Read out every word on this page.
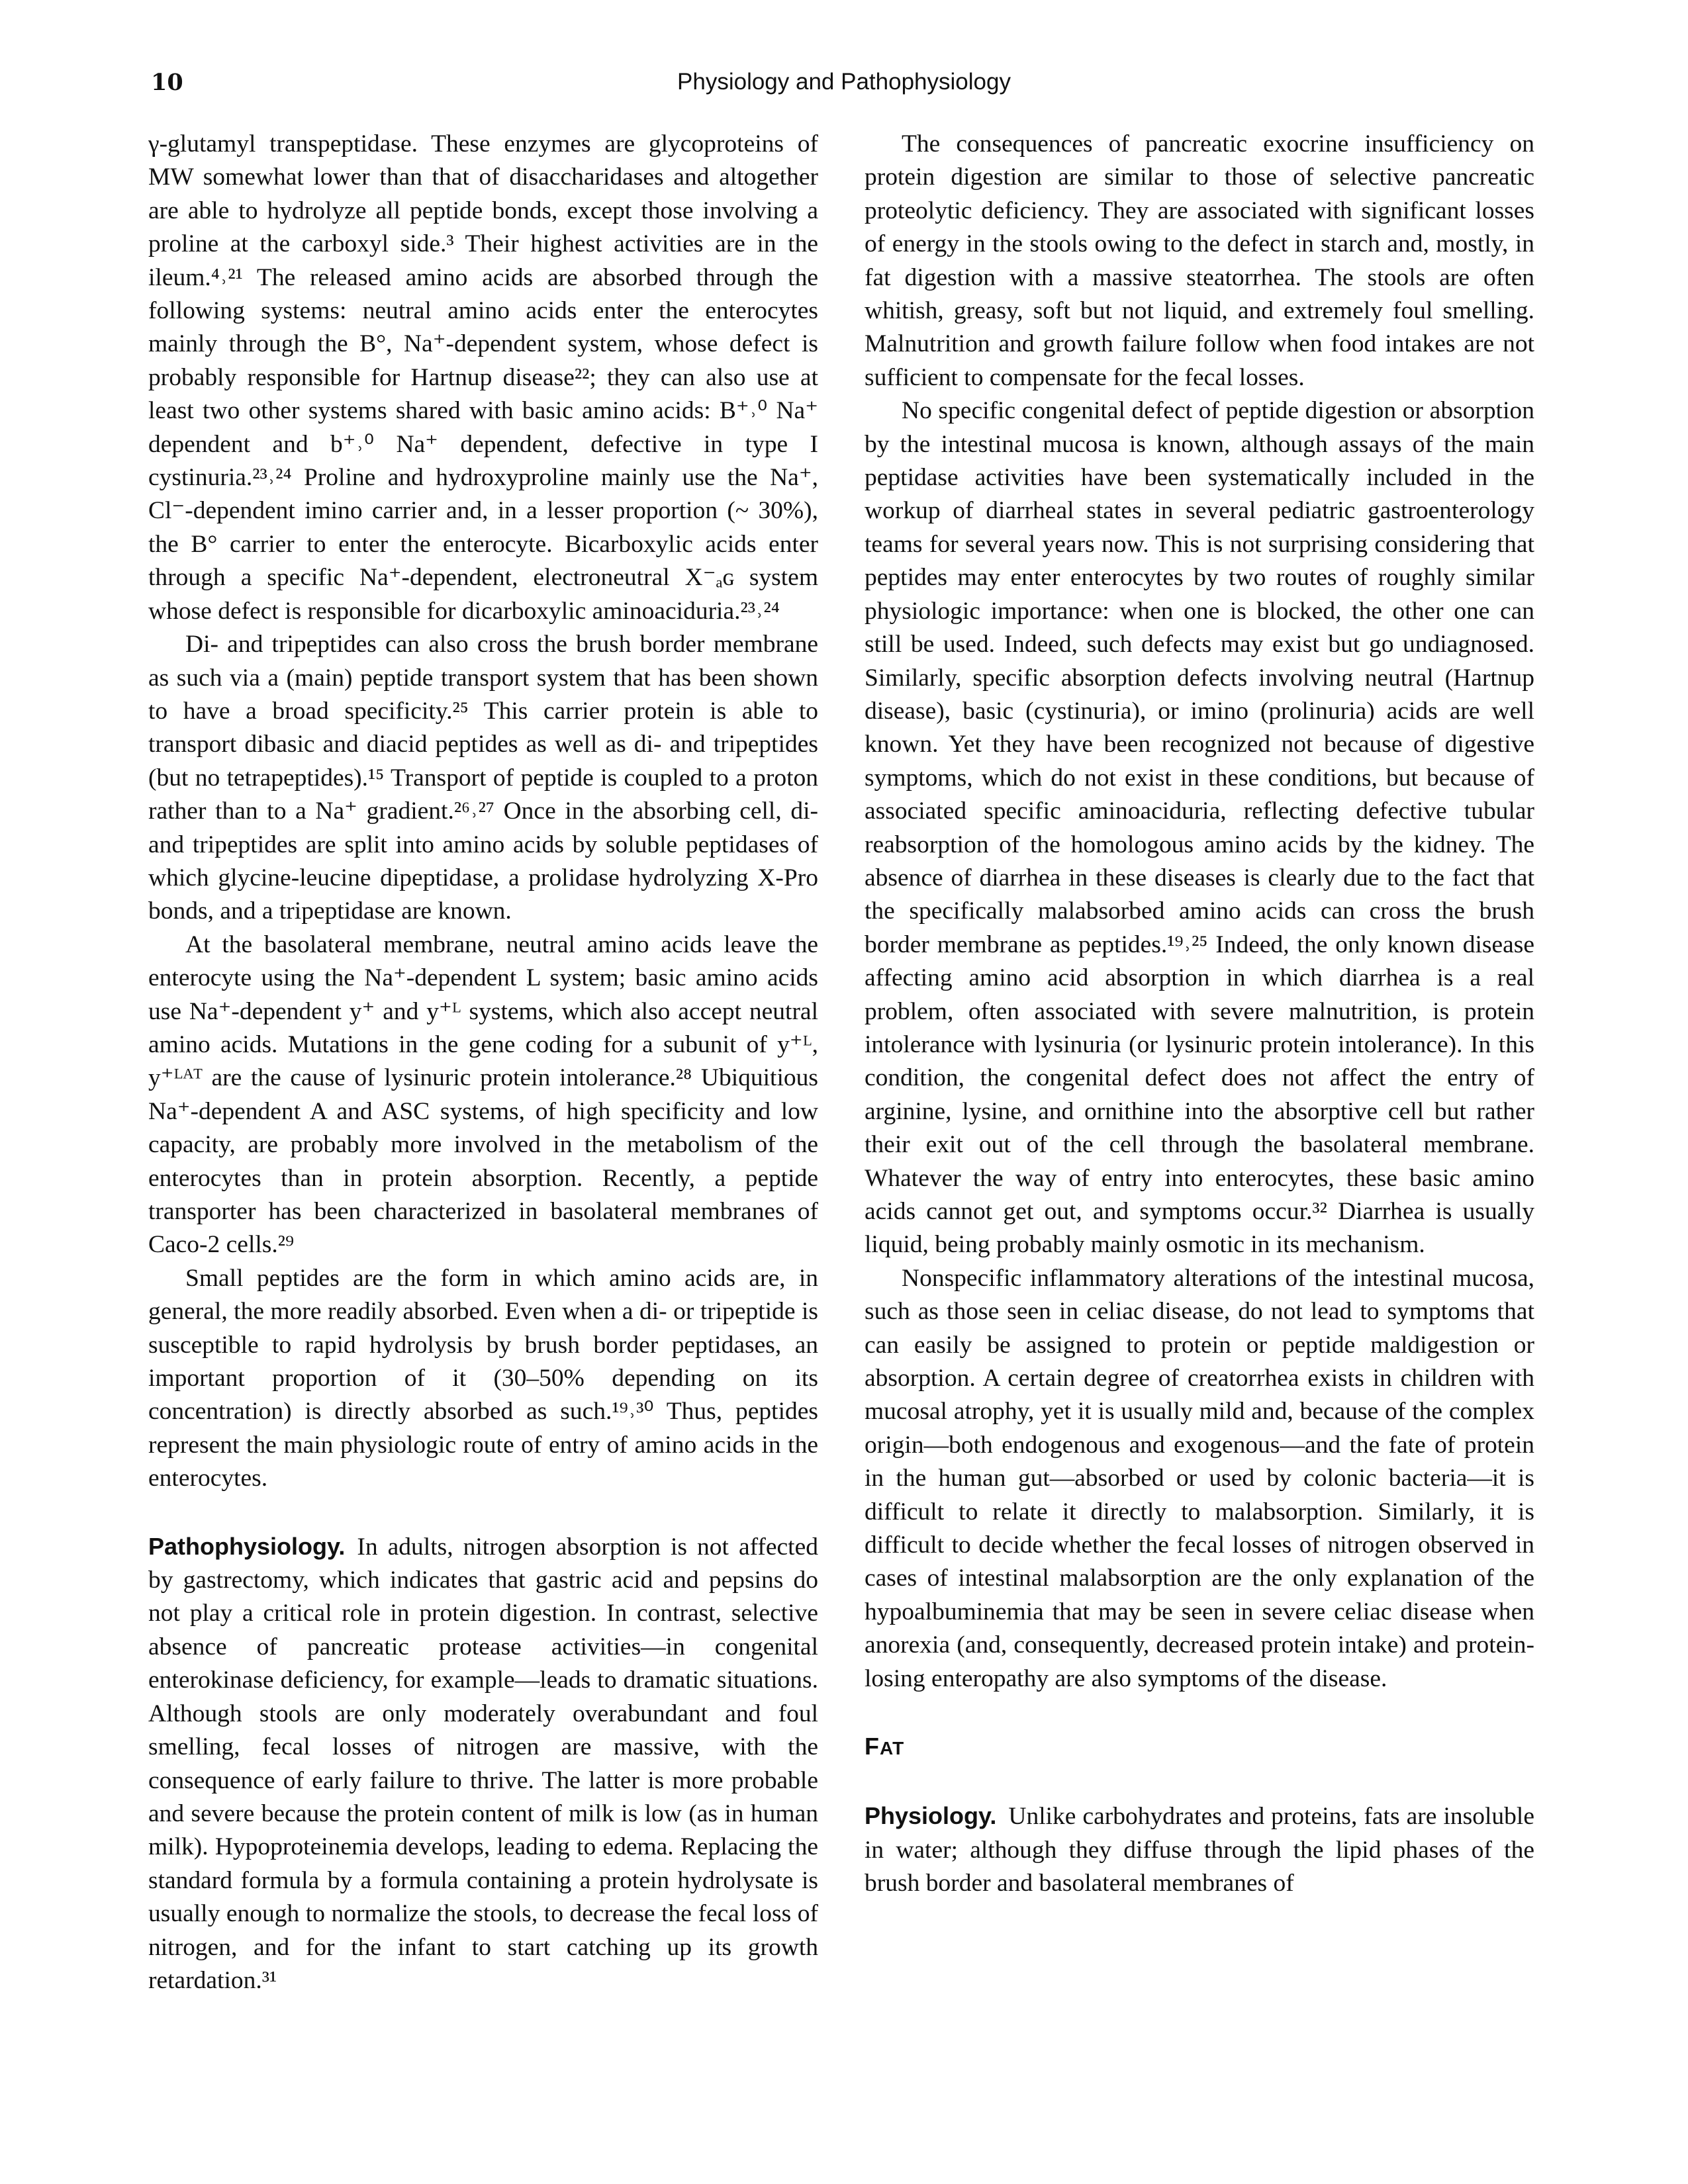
10	Physiology and Pathophysiology

γ-glutamyl transpeptidase. These enzymes are glycoproteins of MW somewhat lower than that of disaccharidases and altogether are able to hydrolyze all peptide bonds, except those involving a proline at the carboxyl side.³ Their highest activities are in the ileum.⁴˒²¹ The released amino acids are absorbed through the following systems: neutral amino acids enter the enterocytes mainly through the B°, Na⁺-dependent system, whose defect is probably responsible for Hartnup disease²²; they can also use at least two other systems shared with basic amino acids: B⁺˒⁰ Na⁺ dependent and b⁺˒⁰ Na⁺ dependent, defective in type I cystinuria.²³˒²⁴ Proline and hydroxyproline mainly use the Na⁺, Cl⁻-dependent imino carrier and, in a lesser proportion (~ 30%), the B° carrier to enter the enterocyte. Bicarboxylic acids enter through a specific Na⁺-dependent, electroneutral X⁻ₐɢ system whose defect is responsible for dicarboxylic aminoaciduria.²³˒²⁴

Di- and tripeptides can also cross the brush border membrane as such via a (main) peptide transport system that has been shown to have a broad specificity.²⁵ This carrier protein is able to transport dibasic and diacid peptides as well as di- and tripeptides (but no tetrapeptides).¹⁵ Transport of peptide is coupled to a proton rather than to a Na⁺ gradient.²⁶˒²⁷ Once in the absorbing cell, di- and tripeptides are split into amino acids by soluble peptidases of which glycine-leucine dipeptidase, a prolidase hydrolyzing X-Pro bonds, and a tripeptidase are known.

At the basolateral membrane, neutral amino acids leave the enterocyte using the Na⁺-dependent L system; basic amino acids use Na⁺-dependent y⁺ and y⁺ᴸ systems, which also accept neutral amino acids. Mutations in the gene coding for a subunit of y⁺ᴸ, y⁺ᴸᴬᵀ are the cause of lysinuric protein intolerance.²⁸ Ubiquitious Na⁺-dependent A and ASC systems, of high specificity and low capacity, are probably more involved in the metabolism of the enterocytes than in protein absorption. Recently, a peptide transporter has been characterized in basolateral membranes of Caco-2 cells.²⁹

Small peptides are the form in which amino acids are, in general, the more readily absorbed. Even when a di- or tripeptide is susceptible to rapid hydrolysis by brush border peptidases, an important proportion of it (30–50% depending on its concentration) is directly absorbed as such.¹⁹˒³⁰ Thus, peptides represent the main physiologic route of entry of amino acids in the enterocytes.

Pathophysiology. In adults, nitrogen absorption is not affected by gastrectomy, which indicates that gastric acid and pepsins do not play a critical role in protein digestion. In contrast, selective absence of pancreatic protease activities—in congenital enterokinase deficiency, for example—leads to dramatic situations. Although stools are only moderately overabundant and foul smelling, fecal losses of nitrogen are massive, with the consequence of early failure to thrive. The latter is more probable and severe because the protein content of milk is low (as in human milk). Hypoproteinemia develops, leading to edema. Replacing the standard formula by a formula containing a protein hydrolysate is usually enough to normalize the stools, to decrease the fecal loss of nitrogen, and for the infant to start catching up its growth retardation.³¹

The consequences of pancreatic exocrine insufficiency on protein digestion are similar to those of selective pancreatic proteolytic deficiency. They are associated with significant losses of energy in the stools owing to the defect in starch and, mostly, in fat digestion with a massive steatorrhea. The stools are often whitish, greasy, soft but not liquid, and extremely foul smelling. Malnutrition and growth failure follow when food intakes are not sufficient to compensate for the fecal losses.

No specific congenital defect of peptide digestion or absorption by the intestinal mucosa is known, although assays of the main peptidase activities have been systematically included in the workup of diarrheal states in several pediatric gastroenterology teams for several years now. This is not surprising considering that peptides may enter enterocytes by two routes of roughly similar physiologic importance: when one is blocked, the other one can still be used. Indeed, such defects may exist but go undiagnosed. Similarly, specific absorption defects involving neutral (Hartnup disease), basic (cystinuria), or imino (prolinuria) acids are well known. Yet they have been recognized not because of digestive symptoms, which do not exist in these conditions, but because of associated specific aminoaciduria, reflecting defective tubular reabsorption of the homologous amino acids by the kidney. The absence of diarrhea in these diseases is clearly due to the fact that the specifically malabsorbed amino acids can cross the brush border membrane as peptides.¹⁹˒²⁵ Indeed, the only known disease affecting amino acid absorption in which diarrhea is a real problem, often associated with severe malnutrition, is protein intolerance with lysinuria (or lysinuric protein intolerance). In this condition, the congenital defect does not affect the entry of arginine, lysine, and ornithine into the absorptive cell but rather their exit out of the cell through the basolateral membrane. Whatever the way of entry into enterocytes, these basic amino acids cannot get out, and symptoms occur.³² Diarrhea is usually liquid, being probably mainly osmotic in its mechanism.

Nonspecific inflammatory alterations of the intestinal mucosa, such as those seen in celiac disease, do not lead to symptoms that can easily be assigned to protein or peptide maldigestion or absorption. A certain degree of creatorrhea exists in children with mucosal atrophy, yet it is usually mild and, because of the complex origin—both endogenous and exogenous—and the fate of protein in the human gut—absorbed or used by colonic bacteria—it is difficult to relate it directly to malabsorption. Similarly, it is difficult to decide whether the fecal losses of nitrogen observed in cases of intestinal malabsorption are the only explanation of the hypoalbuminemia that may be seen in severe celiac disease when anorexia (and, consequently, decreased protein intake) and protein-losing enteropathy are also symptoms of the disease.

FAT

Physiology. Unlike carbohydrates and proteins, fats are insoluble in water; although they diffuse through the lipid phases of the brush border and basolateral membranes of
